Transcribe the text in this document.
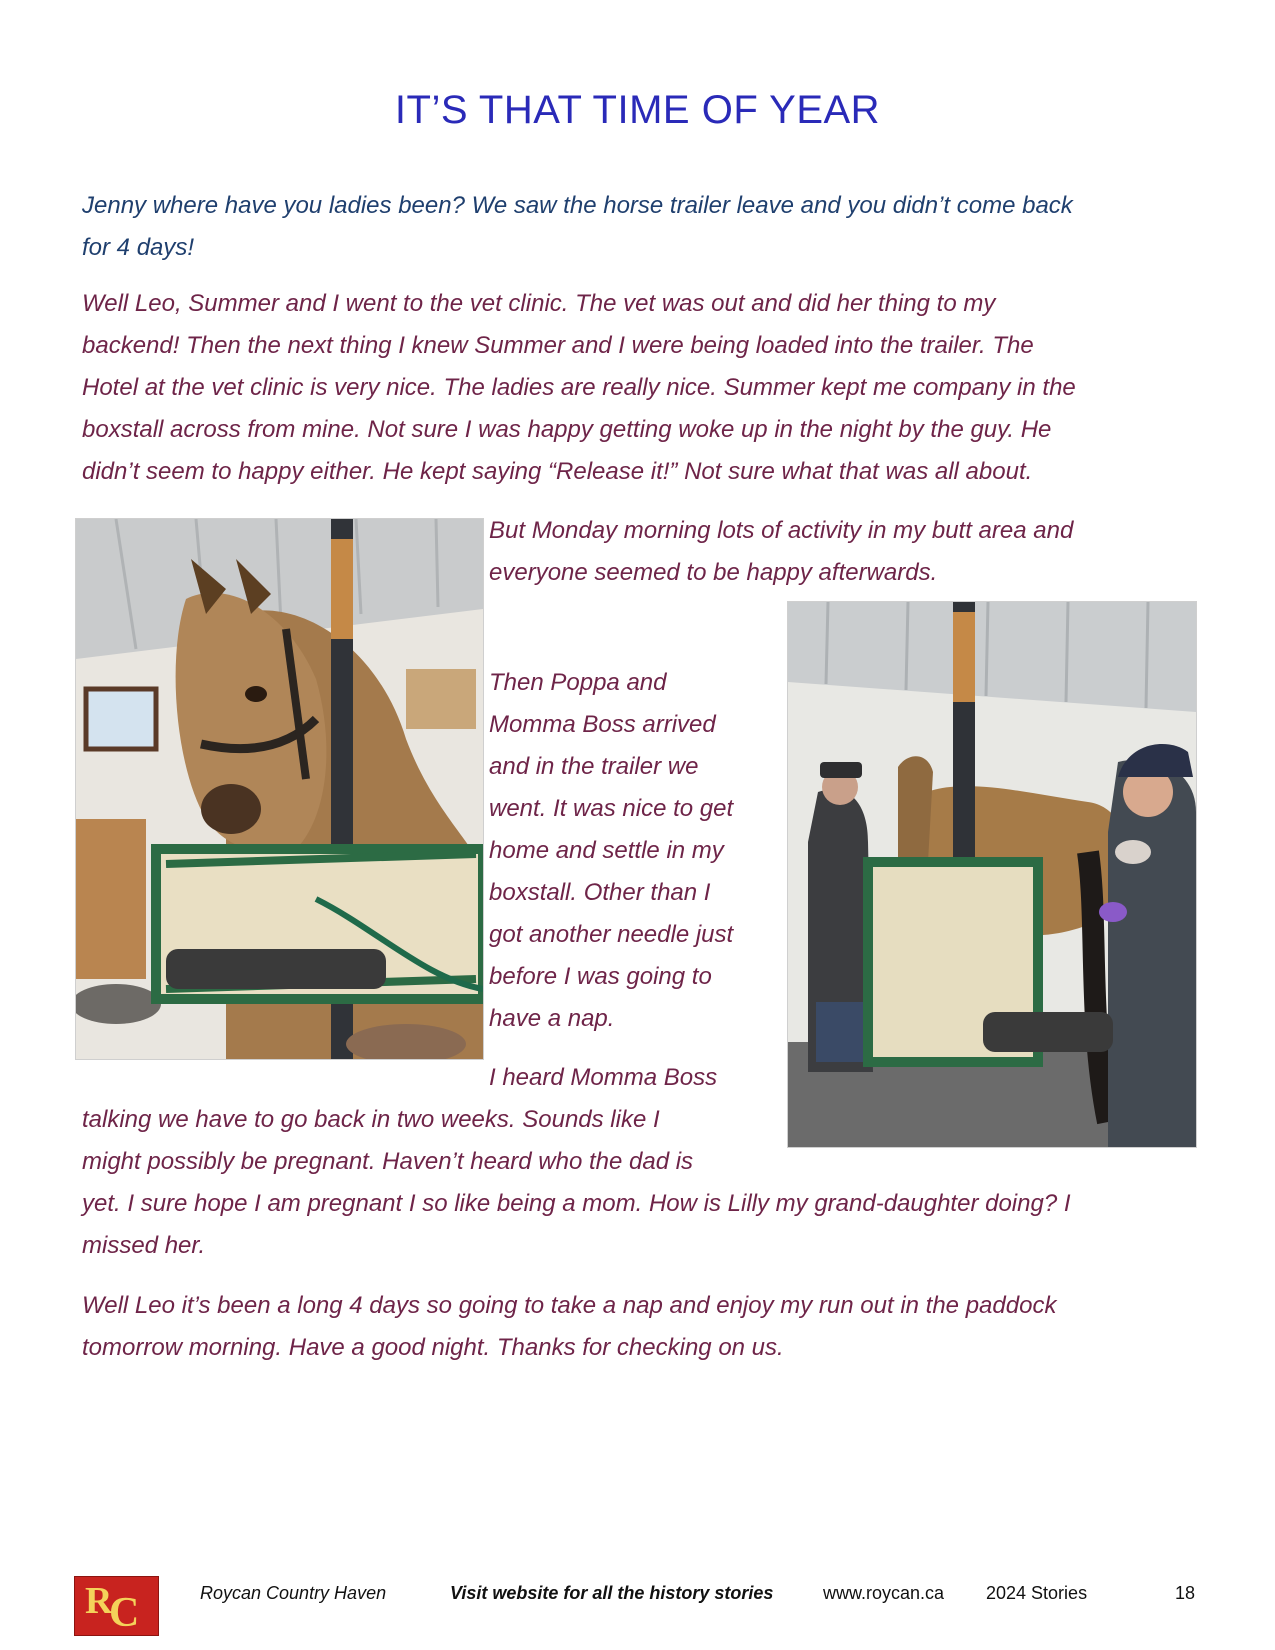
IT’S THAT TIME OF YEAR
Jenny where have you ladies been? We saw the horse trailer leave and you didn’t come back
for 4 days!
Well Leo, Summer and I went to the vet clinic. The vet was out and did her thing to my
backend! Then the next thing I knew Summer and I were being loaded into the trailer. The
Hotel at the vet clinic is very nice. The ladies are really nice. Summer kept me company in the
boxstall across from mine. Not sure I was happy getting woke up in the night by the guy. He
didn’t seem to happy either. He kept saying “Release it!” Not sure what that was all about.
But Monday morning lots of activity in my butt area and
everyone seemed to be happy afterwards.
Then Poppa and
Momma Boss arrived
and in the trailer we
went. It was nice to get
home and settle in my
boxstall. Other than I
got another needle just
before I was going to
have a nap.
I heard Momma Boss
talking we have to go back in two weeks. Sounds like I
might possibly be pregnant. Haven’t heard who the dad is
yet. I sure hope I am pregnant I so like being a mom. How is Lilly my grand-daughter doing? I
missed her.
Well Leo it’s been a long 4 days so going to take a nap and enjoy my run out in the paddock
tomorrow morning. Have a good night. Thanks for checking on us.
R
C	Roycan Country Haven	Visit website for all the history stories	www.roycan.ca 2024 Stories	18
